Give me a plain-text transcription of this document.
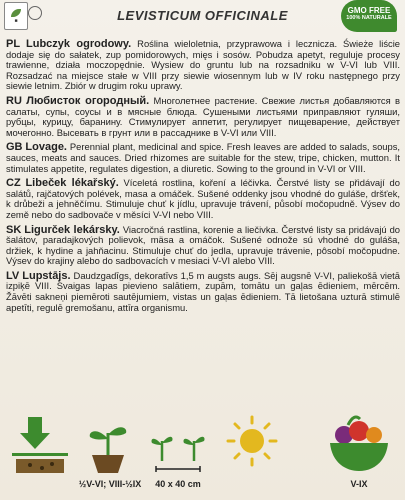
■	LEVISTICUM OFFICINALE	GMO FREE
100% NATURALE

PL Lubczyk ogrodowy. Roślina wieloletnia, przyprawowa i lecznicza. Świeże liście dodaje się do sałatek, zup pomidorowych, mięs i sosów. Pobudza apetyt, reguluje procesy trawienne, działa moczopędnie. Wysiew do gruntu lub na rozsadniku w V-VI lub VIII. Rozsadzać na miejsce stałe w VIII przy siewie wiosennym lub w IV roku następnego przy siewie letnim. Zbiór w drugim roku uprawy.

RU Любисток огородный. Многолетнее растение. Свежие листья добавляются в салаты, супы, соусы и в мясные блюда. Сушеными листьями приправляют гуляши, рубцы, курицу, баранину. Стимулирует аппетит, регулирует пищеварение, действует мочегонно. Высевать в грунт или в рассаднике в V-VI или VIII.

GB Lovage. Perennial plant, medicinal and spice. Fresh leaves are added to salads, soups, sauces, meats and sauces. Dried rhizomes are suitable for the stew, tripe, chicken, mutton. It stimulates appetite, regulates digestion, a diuretic. Sowing to the ground in V-VI or VIII.

CZ Libeček lékařský. Víceletá rostlina, koření a léčivka. Čerstvé listy se přidávají do salátů, rajčatových polévek, masa a omáček. Sušené oddenky jsou vhodné do guláše, dršťek, k drůbeži a jehněčímu. Stimuluje chuť k jídlu, upravuje trávení, působí močopudně. Výsev do země nebo do sadbovače v měsíci V-VI nebo VIII.

SK Ligurček lekársky. Viacročná rastlina, korenie a liečivka. Čerstvé listy sa pridávajú do šalátov, paradajkových polievok, mäsa a omáčok. Sušené odnože sú vhodné do guláša, držiek, k hydine a jahňacinu. Stimuluje chuť do jedla, upravuje trávenie, pôsobí močopudne. Výsev do krajiny alebo do sadbovacích v mesiaci V-VI alebo VIII.

LV Lupstājs. Daudzgadīgs, dekoratīvs 1,5 m augsts augs. Sēj augsnē V-VI, paliekošā vietā izpiķē VIII. Svaigas lapas pievieno salātiem, zupām, tomātu un gaļas ēdieniem, mērcēm. Žāvēti sakneņi piemēroti sautējumiem, vistas un gaļas ēdieniem. Tā lietošana uzturā stimulē apetīti, regulē gremošanu, attīra organismu.

½V-VI; VIII-½IX	40 x 40 cm	V-IX
